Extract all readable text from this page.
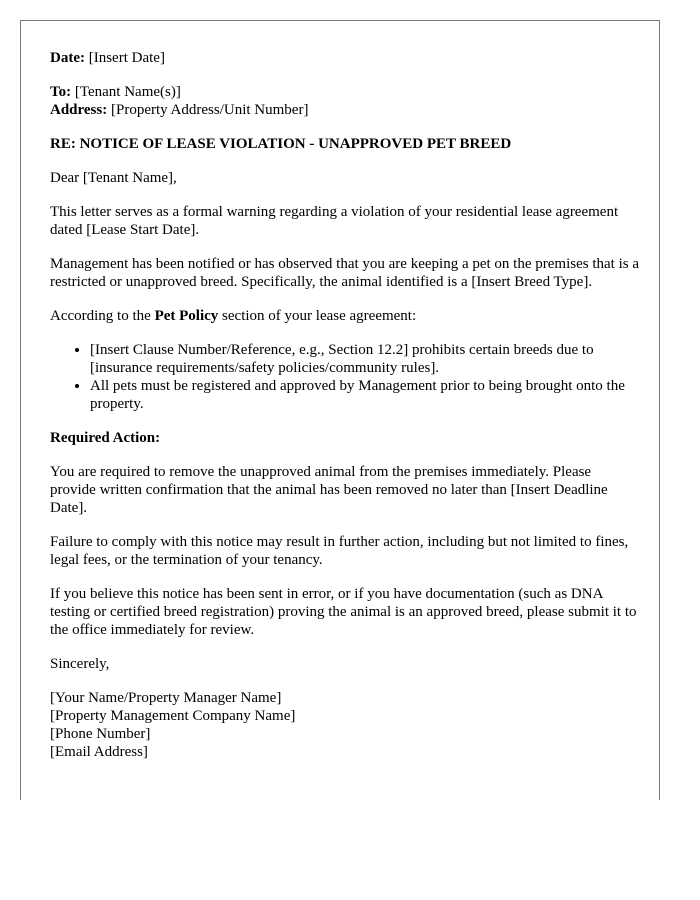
Date: [Insert Date]

To: [Tenant Name(s)]
Address: [Property Address/Unit Number]

RE: NOTICE OF LEASE VIOLATION - UNAPPROVED PET BREED

Dear [Tenant Name],

This letter serves as a formal warning regarding a violation of your residential lease agreement dated [Lease Start Date].

Management has been notified or has observed that you are keeping a pet on the premises that is a restricted or unapproved breed. Specifically, the animal identified is a [Insert Breed Type].

According to the Pet Policy section of your lease agreement:

• [Insert Clause Number/Reference, e.g., Section 12.2] prohibits certain breeds due to [insurance requirements/safety policies/community rules].
• All pets must be registered and approved by Management prior to being brought onto the property.

Required Action:

You are required to remove the unapproved animal from the premises immediately. Please provide written confirmation that the animal has been removed no later than [Insert Deadline Date].

Failure to comply with this notice may result in further action, including but not limited to fines, legal fees, or the termination of your tenancy.

If you believe this notice has been sent in error, or if you have documentation (such as DNA testing or certified breed registration) proving the animal is an approved breed, please submit it to the office immediately for review.

Sincerely,

[Your Name/Property Manager Name]
[Property Management Company Name]
[Phone Number]
[Email Address]
